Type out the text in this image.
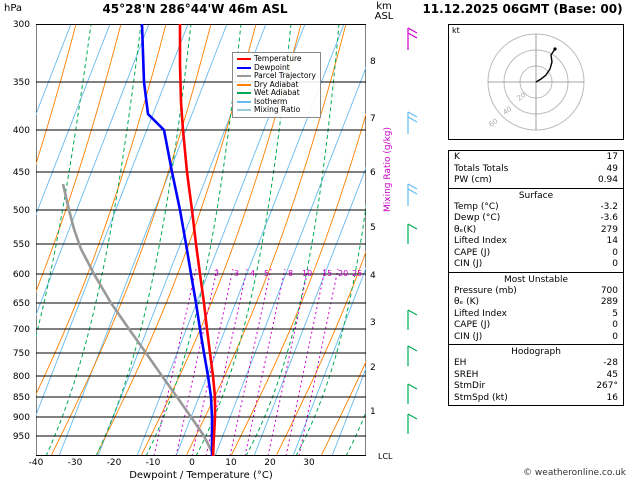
hPa	45°28'N 286°44'W 46m ASL	km
ASL
11.12.2025 06GMT (Base: 00)
Temperature
Dewpoint
Parcel Trajectory
Dry Adiabat
Wet Adiabat
Isotherm
Mixing Ratio
300
350
400
450
500
550
600
650
700
750
800
850
900
950
-40	-30	-20	-10	0	10	20	30
Dewpoint / Temperature (°C)
2 3 4 5 8 10 15 20 25
Mixing Ratio (g/kg)
1
2
3
4
5
6
7
8
LCL
20
40
60
kt
K	17
Totals Totals	49
PW (cm)	0.94
Surface
Temp (°C)	-3.2
Dewp (°C)	-3.6
θₑ(K)	279
Lifted Index	14
CAPE (J)	0
CIN (J)	0
Most Unstable
Pressure (mb)	700
θₑ (K)	289
Lifted Index	5
CAPE (J)	0
CIN (J)	0
Hodograph
EH	-28
SREH	45
StmDir	267°
StmSpd (kt)	16
© weatheronline.co.uk
